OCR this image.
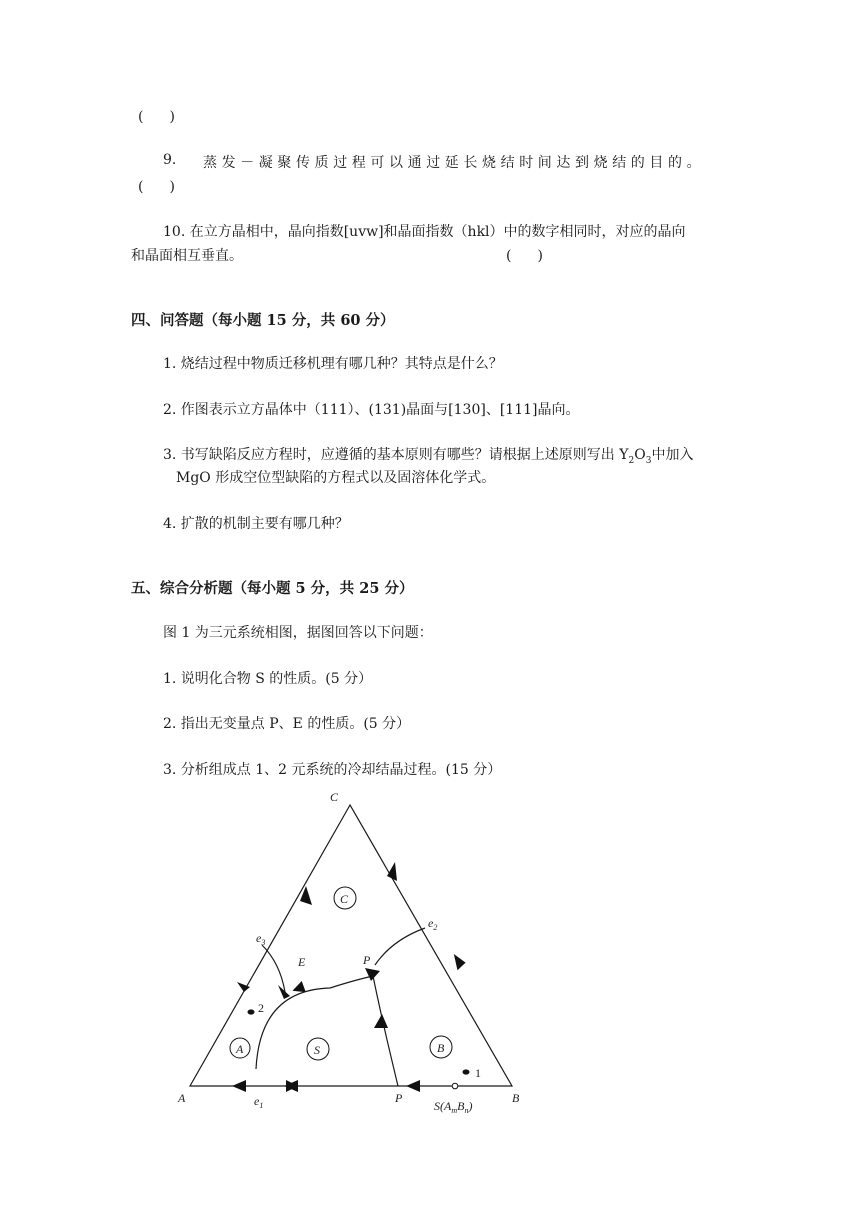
(　)
9. 蒸发－凝聚传质过程可以通过延长烧结时间达到烧结的目的。
(　)
10. 在立方晶相中，晶向指数[uvw]和晶面指数（hkl）中的数字相同时，对应的晶向
和晶面相互垂直。	(　)
四、问答题（每小题 15 分，共 60 分）
1. 烧结过程中物质迁移机理有哪几种？其特点是什么？
2. 作图表示立方晶体中（111）、(131)晶面与[130]、[111]晶向。
3. 书写缺陷反应方程时，应遵循的基本原则有哪些？请根据上述原则写出 $Y_2O_3$中加入
MgO 形成空位型缺陷的方程式以及固溶体化学式。
4. 扩散的机制主要有哪几种？
五、综合分析题（每小题 5 分，共 25 分）
图 1 为三元系统相图，据图回答以下问题：
1. 说明化合物 S 的性质。(5 分）
2. 指出无变量点 P、E 的性质。(5 分）
3. 分析组成点 1、2 元系统的冷却结晶过程。(15 分）
C
S
A	B
C
A	B
$e_1$
$e_2$
$e_3$
E	P
P
$S(A_mB_n)$
1
2
